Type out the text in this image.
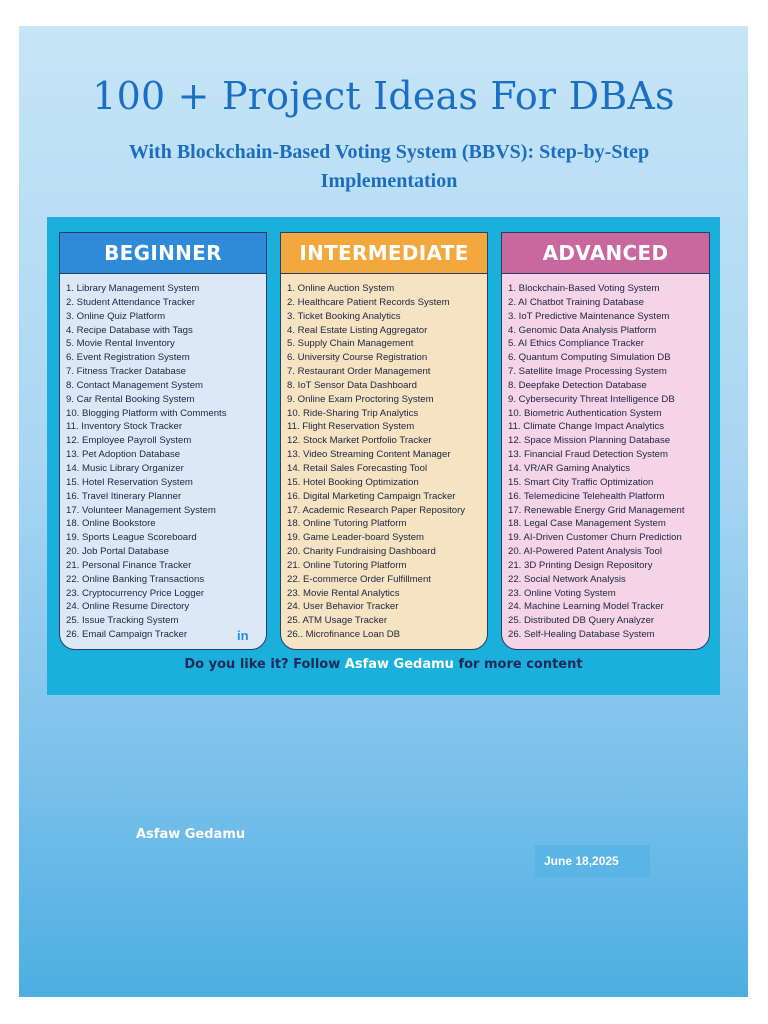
100 + Project Ideas For DBAs
With Blockchain-Based Voting System (BBVS): Step-by-Step Implementation
BEGINNER
1. Library Management System
2. Student Attendance Tracker
3. Online Quiz Platform
4. Recipe Database with Tags
5. Movie Rental Inventory
6. Event Registration System
7. Fitness Tracker Database
8. Contact Management System
9. Car Rental Booking System
10. Blogging Platform with Comments
11. Inventory Stock Tracker
12. Employee Payroll System
13. Pet Adoption Database
14. Music Library Organizer
15. Hotel Reservation System
16. Travel Itinerary Planner
17. Volunteer Management System
18. Online Bookstore
19. Sports League Scoreboard
20. Job Portal Database
21. Personal Finance Tracker
22. Online Banking Transactions
23. Cryptocurrency Price Logger
24. Online Resume Directory
25. Issue Tracking System
26. Email Campaign Tracker	in
INTERMEDIATE
1. Online Auction System
2. Healthcare Patient Records System
3. Ticket Booking Analytics
4. Real Estate Listing Aggregator
5. Supply Chain Management
6. University Course Registration
7. Restaurant Order Management
8. IoT Sensor Data Dashboard
9. Online Exam Proctoring System
10. Ride-Sharing Trip Analytics
11. Flight Reservation System
12. Stock Market Portfolio Tracker
13. Video Streaming Content Manager
14. Retail Sales Forecasting Tool
15. Hotel Booking Optimization
16. Digital Marketing Campaign Tracker
17. Academic Research Paper Repository
18. Online Tutoring Platform
19. Game Leader-board System
20. Charity Fundraising Dashboard
21. Online Tutoring Platform
22. E-commerce Order Fulfillment
23. Movie Rental Analytics
24. User Behavior Tracker
25. ATM Usage Tracker
26.. Microfinance Loan DB
ADVANCED
1. Blockchain-Based Voting System
2. AI Chatbot Training Database
3. IoT Predictive Maintenance System
4. Genomic Data Analysis Platform
5. AI Ethics Compliance Tracker
6. Quantum Computing Simulation DB
7. Satellite Image Processing System
8. Deepfake Detection Database
9. Cybersecurity Threat Intelligence DB
10. Biometric Authentication System
11. Climate Change Impact Analytics
12. Space Mission Planning Database
13. Financial Fraud Detection System
14. VR/AR Gaming Analytics
15. Smart City Traffic Optimization
16. Telemedicine Telehealth Platform
17. Renewable Energy Grid Management
18. Legal Case Management System
19. AI-Driven Customer Churn Prediction
20. AI-Powered Patent Analysis Tool
21. 3D Printing Design Repository
22. Social Network Analysis
23. Online Voting System
24. Machine Learning Model Tracker
25. Distributed DB Query Analyzer
26. Self-Healing Database System
Do you like it? Follow Asfaw Gedamu for more content
Asfaw Gedamu
June 18,2025
